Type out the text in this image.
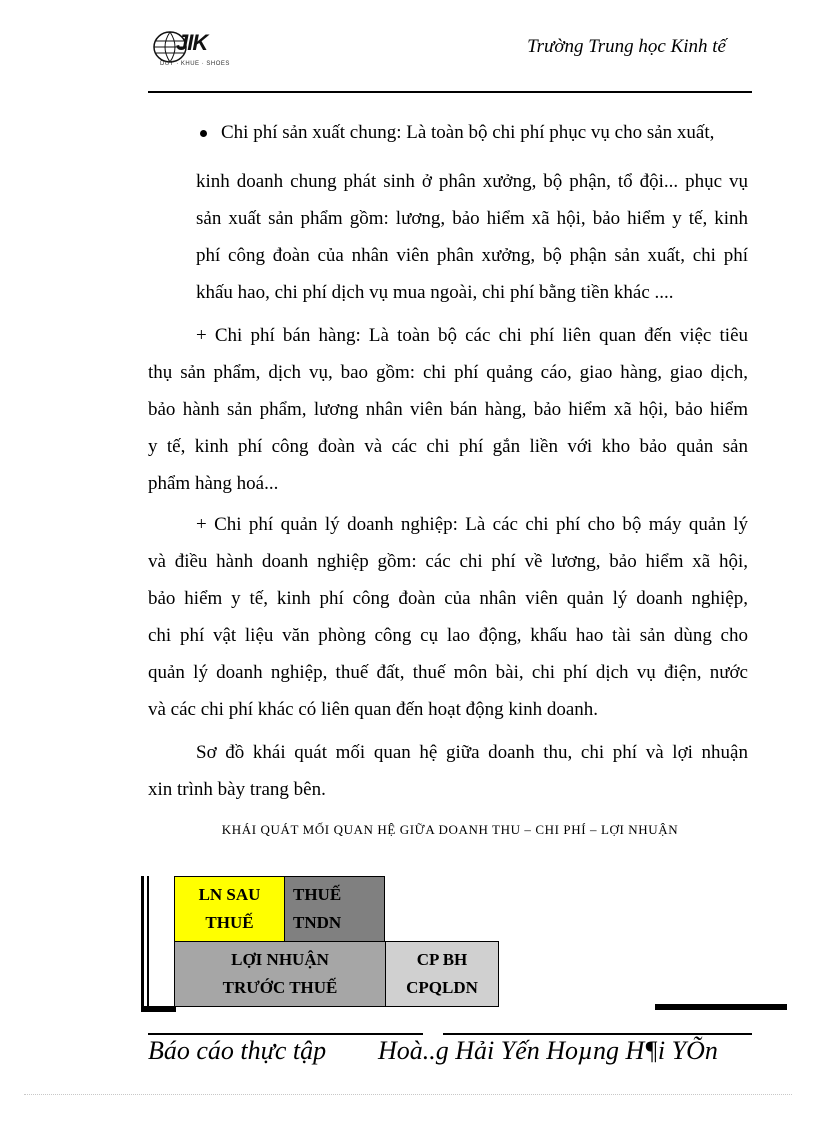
JIK
DUY · KHUE · SHOES
Trường Trung học Kinh tế
Chi phí sản xuất chung: Là toàn bộ chi phí phục vụ cho sản xuất,
kinh doanh chung phát sinh ở phân xưởng, bộ phận, tổ đội... phục vụ
sản xuất sản phẩm gồm: lương, bảo hiểm xã hội, bảo hiểm y tế, kinh
phí công đoàn của nhân viên phân xưởng, bộ phận sản xuất, chi phí
khấu hao, chi phí dịch vụ mua ngoài, chi phí bằng tiền khác ....
+ Chi phí bán hàng: Là toàn bộ các chi phí liên quan đến việc tiêu
thụ sản phẩm, dịch vụ, bao gồm: chi phí quảng cáo, giao hàng, giao dịch,
bảo hành sản phẩm, lương nhân viên bán hàng, bảo hiểm xã hội, bảo hiểm
y tế, kinh phí công đoàn và các chi phí gắn liền với kho bảo quản sản
phẩm hàng hoá...
+ Chi phí quản lý doanh nghiệp: Là các chi phí cho bộ máy quản lý
và điều hành doanh nghiệp gồm: các chi phí về lương, bảo hiểm xã hội,
bảo hiểm y tế, kinh phí công đoàn của nhân viên quản lý doanh nghiệp,
chi phí vật liệu văn phòng công cụ lao động, khấu hao tài sản dùng cho
quản lý doanh nghiệp, thuế đất, thuế môn bài, chi phí dịch vụ điện, nước
và các chi phí khác có liên quan đến hoạt động kinh doanh.
Sơ đồ khái quát mối quan hệ giữa doanh thu, chi phí và lợi nhuận
xin trình bày trang bên.
KHÁI QUÁT MỐI QUAN HỆ GIỮA DOANH THU – CHI PHÍ – LỢI NHUẬN
LN SAU
THUẾ
THUẾ
TNDN
LỢI NHUẬN
TRƯỚC THUẾ
CP BH
CPQLDN
Báo cáo thực tập Hoà..g Hải Yến Hoµng H¶i YÕn
